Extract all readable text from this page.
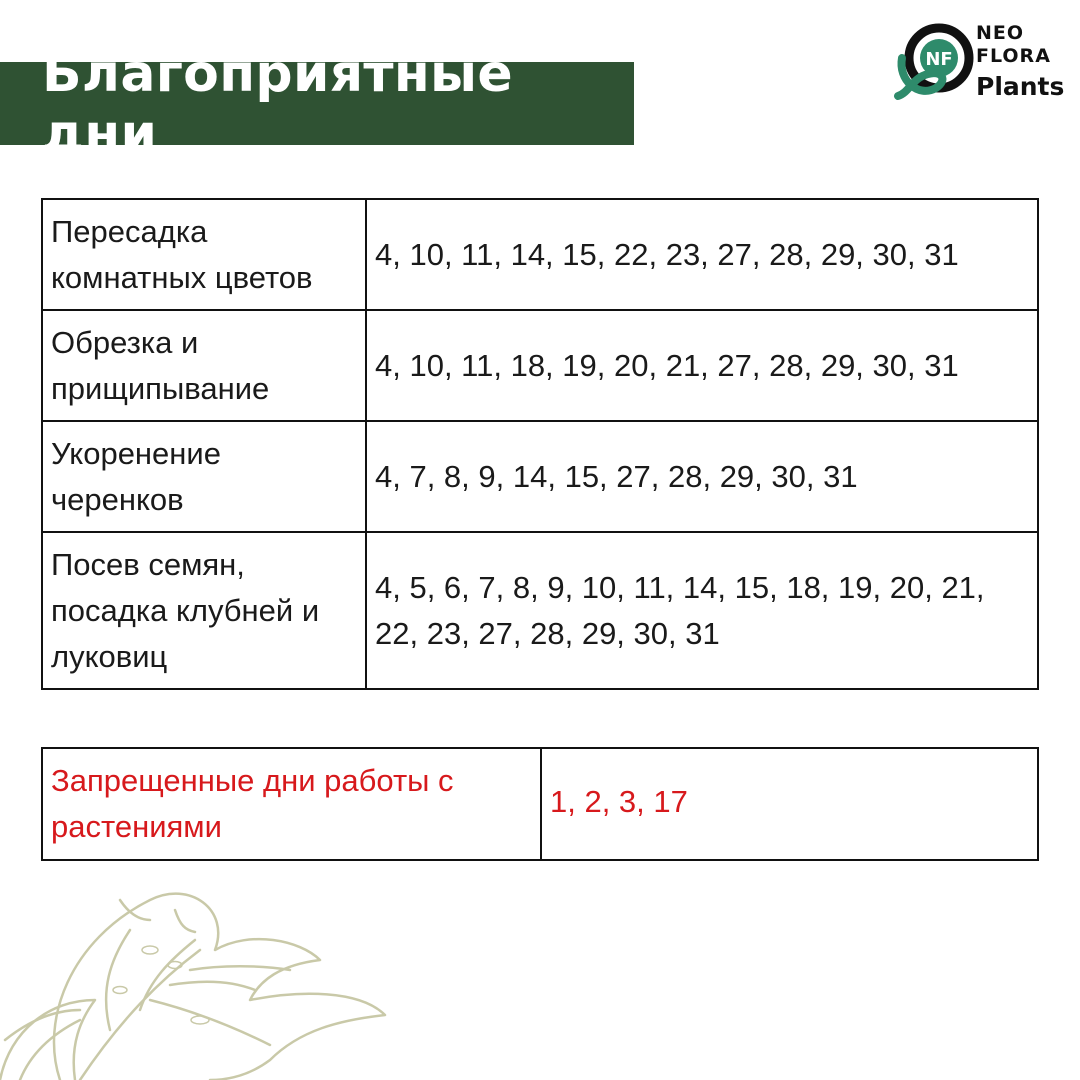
Благоприятные дни
NF
NEO
FLORA
Plants
Пересадка комнатных цветов	4, 10, 11, 14, 15, 22, 23, 27, 28, 29, 30, 31
Обрезка и прищипывание	4, 10, 11, 18, 19, 20, 21, 27, 28, 29, 30, 31
Укоренение черенков	4, 7, 8, 9, 14, 15, 27, 28, 29, 30, 31
Посев семян, посадка клубней и луковиц	4, 5, 6, 7, 8, 9, 10, 11, 14, 15, 18, 19, 20, 21, 22, 23, 27, 28, 29, 30, 31
Запрещенные дни работы с растениями	1, 2, 3, 17
